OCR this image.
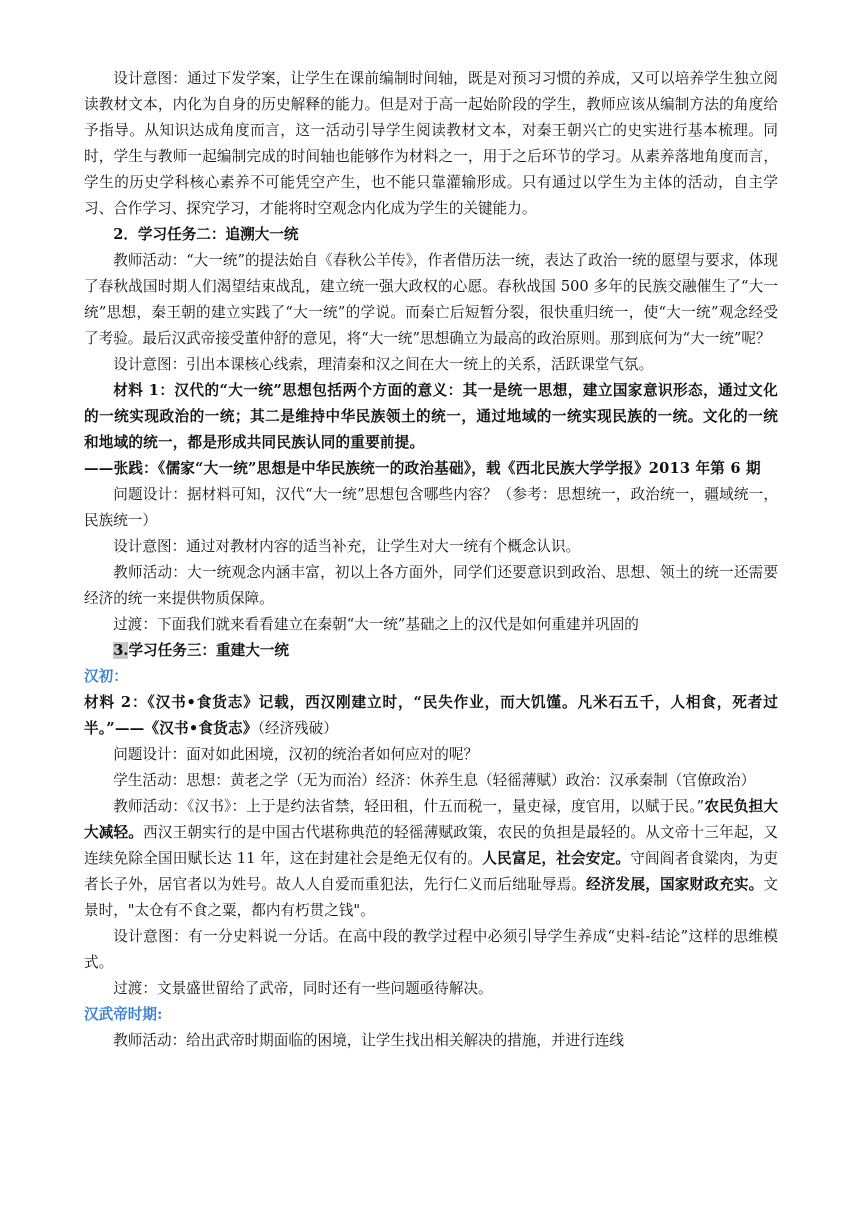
设计意图：通过下发学案，让学生在课前编制时间轴，既是对预习习惯的养成，又可以培养学生独立阅读教材文本，内化为自身的历史解释的能力。但是对于高一起始阶段的学生，教师应该从编制方法的角度给予指导。从知识达成角度而言，这一活动引导学生阅读教材文本，对秦王朝兴亡的史实进行基本梳理。同时，学生与教师一起编制完成的时间轴也能够作为材料之一，用于之后环节的学习。从素养落地角度而言，学生的历史学科核心素养不可能凭空产生，也不能只靠灌输形成。只有通过以学生为主体的活动，自主学习、合作学习、探究学习，才能将时空观念内化成为学生的关键能力。

2．学习任务二：追溯大一统

教师活动：“大一统”的提法始自《春秋公羊传》，作者借历法一统，表达了政治一统的愿望与要求，体现了春秋战国时期人们渴望结束战乱，建立统一强大政权的心愿。春秋战国 500 多年的民族交融催生了“大一统”思想，秦王朝的建立实践了“大一统”的学说。而秦亡后短暂分裂，很快重归统一，使“大一统”观念经受了考验。最后汉武帝接受董仲舒的意见，将“大一统”思想确立为最高的政治原则。那到底何为“大一统”呢？

设计意图：引出本课核心线索，理清秦和汉之间在大一统上的关系，活跃课堂气氛。

材料 1：汉代的“大一统”思想包括两个方面的意义：其一是统一思想，建立国家意识形态，通过文化的一统实现政治的一统；其二是维持中华民族领土的统一，通过地域的一统实现民族的一统。文化的一统和地域的统一，都是形成共同民族认同的重要前提。

——张践：《儒家“大一统”思想是中华民族统一的政治基础》，载《西北民族大学学报》2013 年第 6 期

问题设计：据材料可知，汉代“大一统”思想包含哪些内容？（参考：思想统一，政治统一，疆域统一，民族统一）

设计意图：通过对教材内容的适当补充，让学生对大一统有个概念认识。

教师活动：大一统观念内涵丰富，初以上各方面外，同学们还要意识到政治、思想、领土的统一还需要经济的统一来提供物质保障。

过渡：下面我们就来看看建立在秦朝“大一统”基础之上的汉代是如何重建并巩固的

3.学习任务三：重建大一统

汉初：

材料 2：《汉书•食货志》记载，西汉刚建立时，“民失作业，而大饥馑。凡米石五千，人相食，死者过半。”——《汉书•食货志》（经济残破）

问题设计：面对如此困境，汉初的统治者如何应对的呢？

学生活动：思想：黄老之学（无为而治）经济：休养生息（轻徭薄赋）政治：汉承秦制（官僚政治）

教师活动：《汉书》：上于是约法省禁，轻田租，什五而税一，量吏禄，度官用，以赋于民。”农民负担大大减轻。西汉王朝实行的是中国古代堪称典范的轻徭薄赋政策，农民的负担是最轻的。从文帝十三年起，又连续免除全国田赋长达 11 年，这在封建社会是绝无仅有的。人民富足，社会安定。守闾阎者食粱肉，为吏者长子外，居官者以为姓号。故人人自爱而重犯法，先行仁义而后绌耻辱焉。经济发展，国家财政充实。文景时，"太仓有不食之粟，都内有朽贯之钱"。

设计意图：有一分史料说一分话。在高中段的教学过程中必须引导学生养成“史料-结论”这样的思维模式。

过渡：文景盛世留给了武帝，同时还有一些问题亟待解决。

汉武帝时期:

教师活动：给出武帝时期面临的困境，让学生找出相关解决的措施，并进行连线
